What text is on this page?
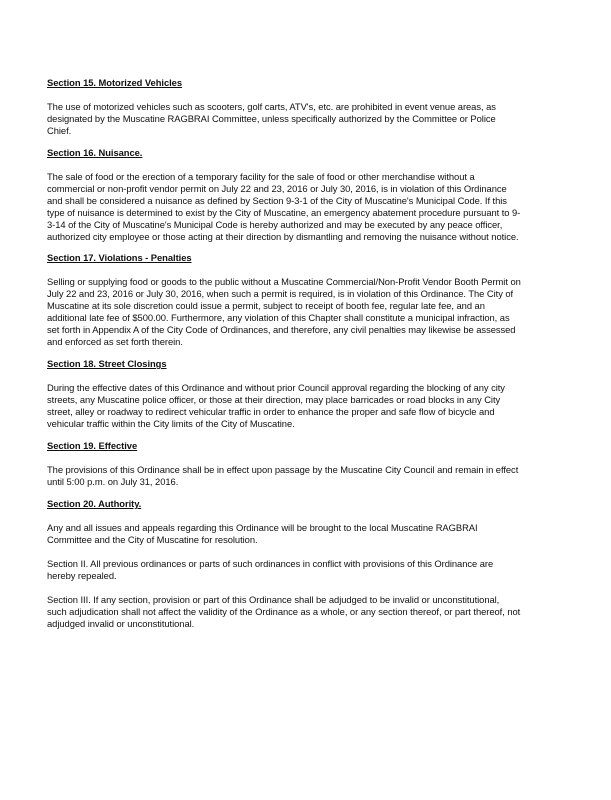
Section 15. Motorized Vehicles
The use of motorized vehicles such as scooters, golf carts, ATV's, etc. are prohibited in event venue areas, as
designated by the Muscatine RAGBRAI Committee, unless specifically authorized by the Committee or Police
Chief.
Section 16. Nuisance.
The sale of food or the erection of a temporary facility for the sale of food or other merchandise without a
commercial or non-profit vendor permit on July 22 and 23, 2016 or July 30, 2016, is in violation of this Ordinance
and shall be considered a nuisance as defined by Section 9-3-1 of the City of Muscatine's Municipal Code. If this
type of nuisance is determined to exist by the City of Muscatine, an emergency abatement procedure pursuant to 9-
3-14 of the City of Muscatine's Municipal Code is hereby authorized and may be executed by any peace officer,
authorized city employee or those acting at their direction by dismantling and removing the nuisance without notice.
Section 17. Violations - Penalties
Selling or supplying food or goods to the public without a Muscatine Commercial/Non-Profit Vendor Booth Permit on
July 22 and 23, 2016 or July 30, 2016, when such a permit is required, is in violation of this Ordinance. The City of
Muscatine at its sole discretion could issue a permit, subject to receipt of booth fee, regular late fee, and an
additional late fee of $500.00. Furthermore, any violation of this Chapter shall constitute a municipal infraction, as
set forth in Appendix A of the City Code of Ordinances, and therefore, any civil penalties may likewise be assessed
and enforced as set forth therein.
Section 18. Street Closings
During the effective dates of this Ordinance and without prior Council approval regarding the blocking of any city
streets, any Muscatine police officer, or those at their direction, may place barricades or road blocks in any City
street, alley or roadway to redirect vehicular traffic in order to enhance the proper and safe flow of bicycle and
vehicular traffic within the City limits of the City of Muscatine.
Section 19. Effective
The provisions of this Ordinance shall be in effect upon passage by the Muscatine City Council and remain in effect
until 5:00 p.m. on July 31, 2016.
Section 20. Authority.
Any and all issues and appeals regarding this Ordinance will be brought to the local Muscatine RAGBRAI
Committee and the City of Muscatine for resolution.
Section II. All previous ordinances or parts of such ordinances in conflict with provisions of this Ordinance are
hereby repealed.
Section III. If any section, provision or part of this Ordinance shall be adjudged to be invalid or unconstitutional,
such adjudication shall not affect the validity of the Ordinance as a whole, or any section thereof, or part thereof, not
adjudged invalid or unconstitutional.
